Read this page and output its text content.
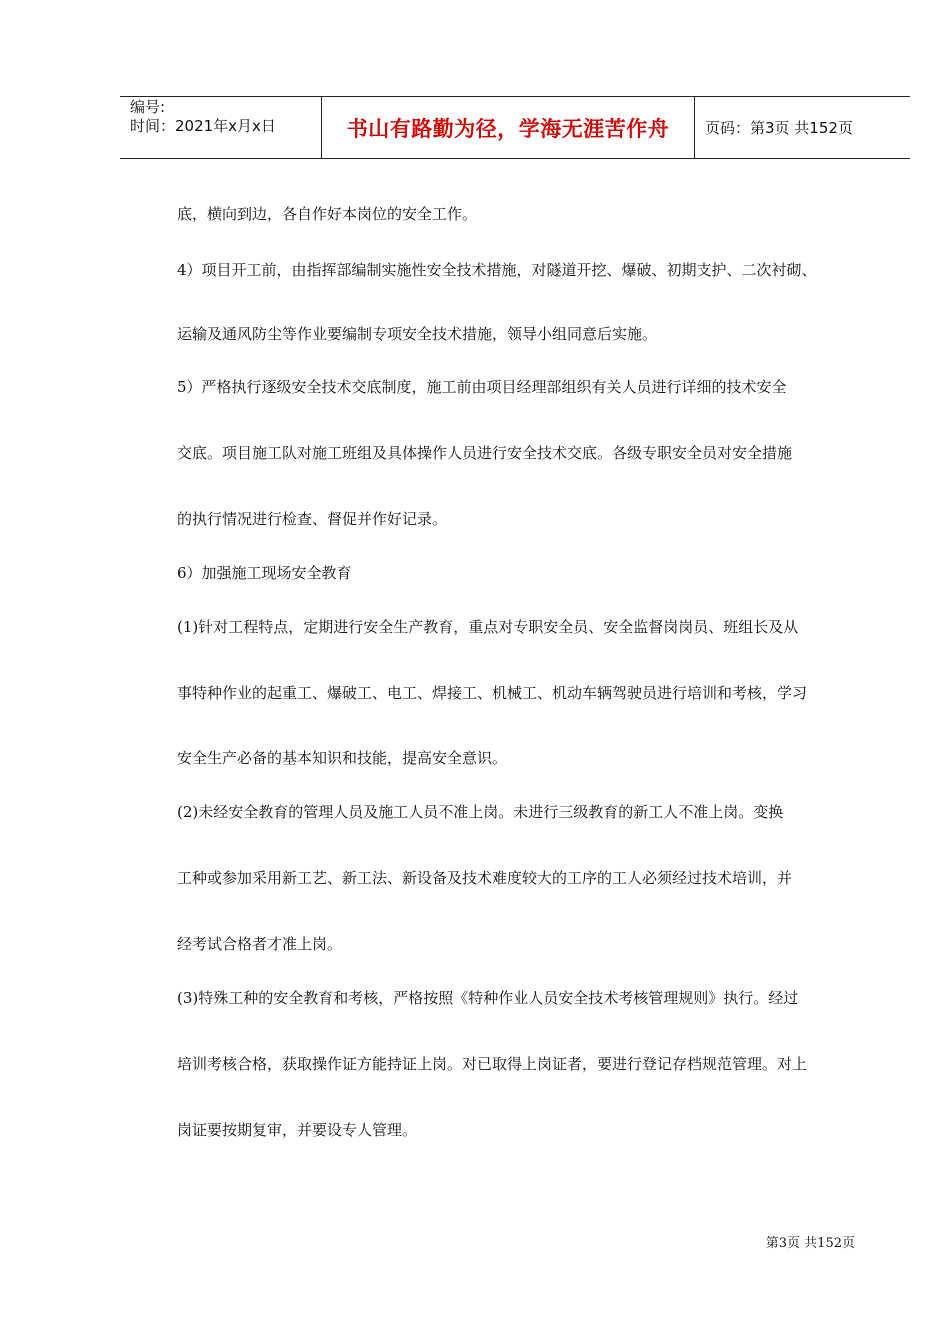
编号:
时间：2021年x月x日	书山有路勤为径，学海无涯苦作舟 页码：第3页 共152页
底，横向到边，各自作好本岗位的安全工作。
4）项目开工前，由指挥部编制实施性安全技术措施，对隧道开挖、爆破、初期支护、二次衬砌、
运输及通风防尘等作业要编制专项安全技术措施，领导小组同意后实施。
5）严格执行逐级安全技术交底制度，施工前由项目经理部组织有关人员进行详细的技术安全
交底。项目施工队对施工班组及具体操作人员进行安全技术交底。各级专职安全员对安全措施
的执行情况进行检查、督促并作好记录。
6）加强施工现场安全教育
(1)针对工程特点，定期进行安全生产教育，重点对专职安全员、安全监督岗岗员、班组长及从
事特种作业的起重工、爆破工、电工、焊接工、机械工、机动车辆驾驶员进行培训和考核，学习
安全生产必备的基本知识和技能，提高安全意识。
(2)未经安全教育的管理人员及施工人员不准上岗。未进行三级教育的新工人不准上岗。变换
工种或参加采用新工艺、新工法、新设备及技术难度较大的工序的工人必须经过技术培训，并
经考试合格者才准上岗。
(3)特殊工种的安全教育和考核，严格按照《特种作业人员安全技术考核管理规则》执行。经过
培训考核合格，获取操作证方能持证上岗。对已取得上岗证者，要进行登记存档规范管理。对上
岗证要按期复审，并要设专人管理。
第3页 共152页
